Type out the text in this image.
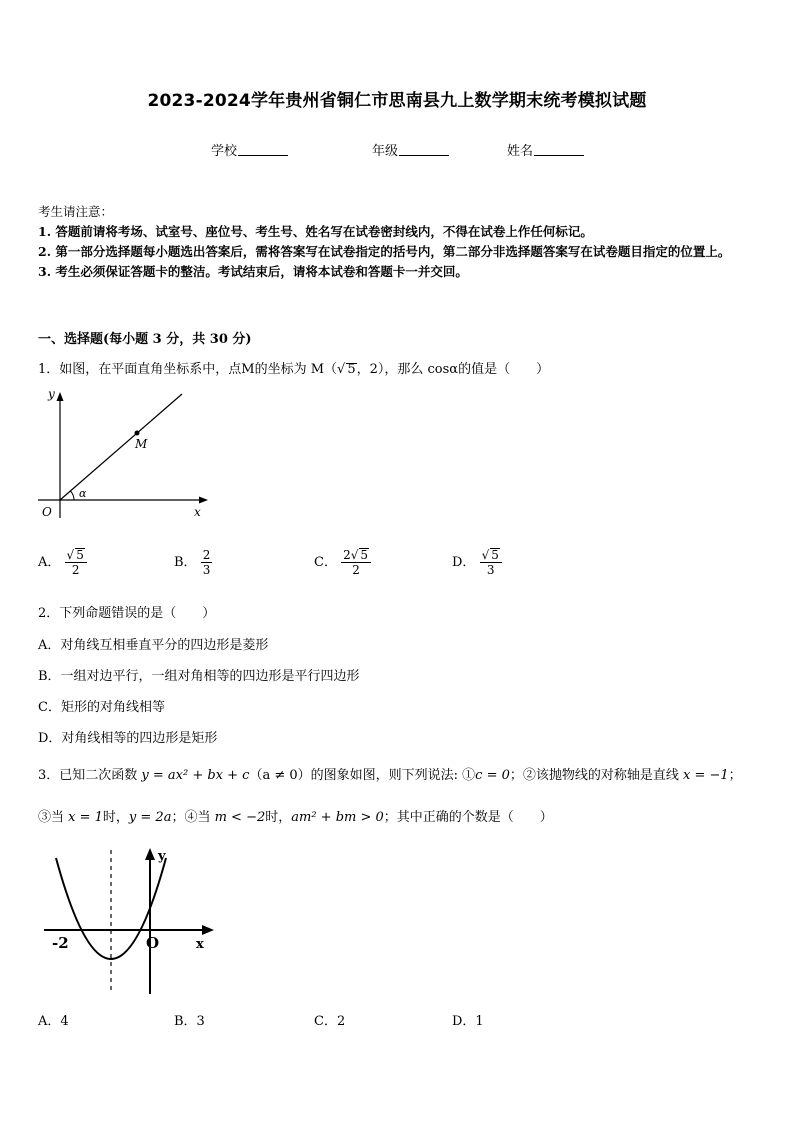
2023-2024学年贵州省铜仁市思南县九上数学期末统考模拟试题
学校	年级	姓名
考生请注意：
1. 答题前请将考场、试室号、座位号、考生号、姓名写在试卷密封线内，不得在试卷上作任何标记。
2. 第一部分选择题每小题选出答案后，需将答案写在试卷指定的括号内，第二部分非选择题答案写在试卷题目指定的位置上。
3. 考生必须保证答题卡的整洁。考试结束后，请将本试卷和答题卡一并交回。
一、选择题(每小题 3 分，共 30 分)
1．如图，在平面直角坐标系中，点M的坐标为 M（√ 5，2），那么 cosα的值是（　　）
y
x
O
M
α
A． $\frac{√ 5}{2}$	B． $\frac{2}{3}$	C． $\frac{2√ 5}{2}$	D． $\frac{√ 5}{3}$
2．下列命题错误的是（　　）
A．对角线互相垂直平分的四边形是菱形
B．一组对边平行，一组对角相等的四边形是平行四边形
C．矩形的对角线相等
D．对角线相等的四边形是矩形
3．已知二次函数 y = ax² + bx + c（a ≠ 0）的图象如图，则下列说法: ①c = 0；②该抛物线的对称轴是直线 x = −1；
③当 x = 1时，y = 2a；④当 m < −2时，am² + bm > 0；其中正确的个数是（　　）
-2	O	x
y
A．4	B．3	C．2	D．1
